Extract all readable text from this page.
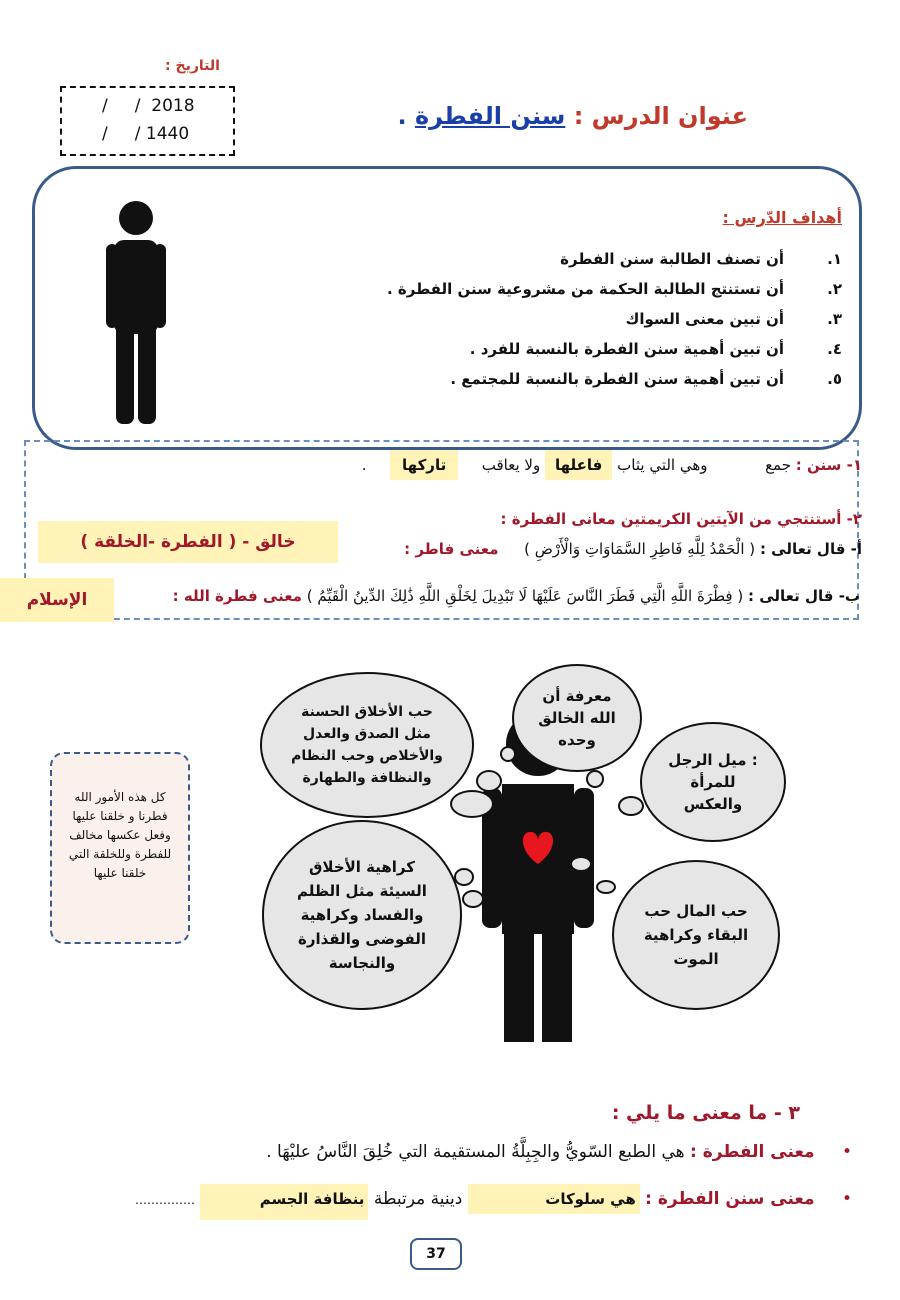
التاريخ :
/     /  2018
/     / 1440
عنوان الدرس : سنن الفطرة .
أهداف الدّرس :
١.
أن تصنف الطالبة سنن الفطرة
٢.
أن تستنتج الطالبة الحكمة من مشروعية سنن الفطرة .
٣.
أن تبين معنى السواك
٤.
أن تبين أهمية سنن الفطرة بالنسبة للفرد .
٥.
أن تبين أهمية سنن الفطرة بالنسبة للمجتمع .
١- سنن : جمع  وهي التي يثاب فاعلها ولا يعاقب  تاركها  .
٢- أستنتجي من الآيتين الكريمتين معانى الفطرة :
أ- قال تعالى : ( الْحَمْدُ لِلَّهِ فَاطِرِ السَّمَاوَاتِ وَالْأَرْضِ )  معنى فاطر :
خالق - ( الفطرة -الخلقة )
ب- قال تعالى : ( فِطْرَةَ اللَّهِ الَّتِي فَطَرَ النَّاسَ عَلَيْهَا لَا تَبْدِيلَ لِخَلْقِ اللَّهِ ذَٰلِكَ الدِّينُ الْقَيِّمُ ) معنى فطرة الله :
الإسلام
حب الأخلاق الحسنة مثل الصدق والعدل والأخلاص وحب النظام والنظافة والطهارة
معرفة أن الله الخالق وحده
: ميل الرجل للمرأة والعكس
كراهية الأخلاق السيئة مثل الظلم والفساد وكراهية الفوضى والقذارة والنجاسة
حب المال حب البقاء وكراهية الموت
كل هذه الأمور الله فطرنا و خلقنا عليها وفعل عكسها مخالف للفطرة وللخلقة التي خلقنا عليها
٣ - ما معنى ما يلي :
• معنى الفطرة : هي الطبع السّويُّ والجِبِلَّةُ المستقيمة التي خُلِقَ النَّاسُ عليْهَا .
• معنى سنن الفطرة : هي سلوكات دينية مرتبطة بنظافة الجسم ……………
37
